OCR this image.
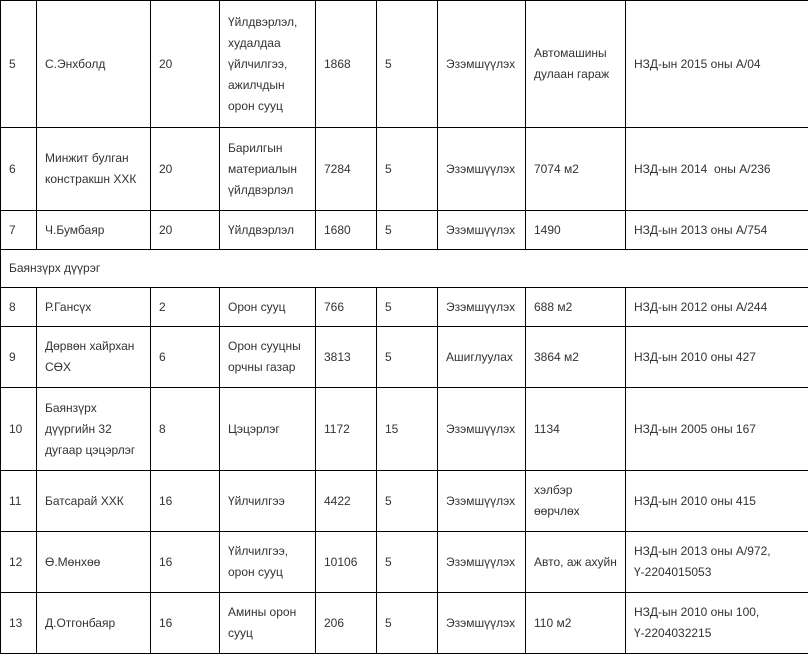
5	С.Энхболд	20	Үйлдвэрлэл, худалдаа үйлчилгээ, ажилчдын орон сууц	1868	5	Эзэмшүүлэх	Автомашины дулаан гараж	НЗД-ын 2015 оны А/04
6	Минжит булган констракшн ХХК	20	Барилгын материалын үйлдвэрлэл	7284	5	Эзэмшүүлэх	7074 м2	НЗД-ын 2014  оны А/236
7	Ч.Бумбаяр	20	Үйлдвэрлэл	1680	5	Эзэмшүүлэх	1490	НЗД-ын 2013 оны А/754
Баянзүрх дүүрэг								
8	Р.Гансүх	2	Орон сууц	766	5	Эзэмшүүлэх	688 м2	НЗД-ын 2012 оны А/244
9	Дөрвөн хайрхан СӨХ	6	Орон сууцны орчны газар	3813	5	Ашиглуулах	3864 м2	НЗД-ын 2010 оны 427
10	Баянзүрх дүүргийн 32 дугаар цэцэрлэг	8	Цэцэрлэг	1172	15	Эзэмшүүлэх	1134	НЗД-ын 2005 оны 167
11	Батсарай ХХК	16	Үйлчилгээ	4422	5	Эзэмшүүлэх	хэлбэр өөрчлөх	НЗД-ын 2010 оны 415
12	Ө.Мөнхөө	16	Үйлчилгээ, орон сууц	10106	5	Эзэмшүүлэх	Авто, аж ахуйн	НЗД-ын 2013 оны А/972, Ү-2204015053
13	Д.Отгонбаяр	16	Амины орон сууц	206	5	Эзэмшүүлэх	110 м2	НЗД-ын 2010 оны 100, Ү-2204032215
